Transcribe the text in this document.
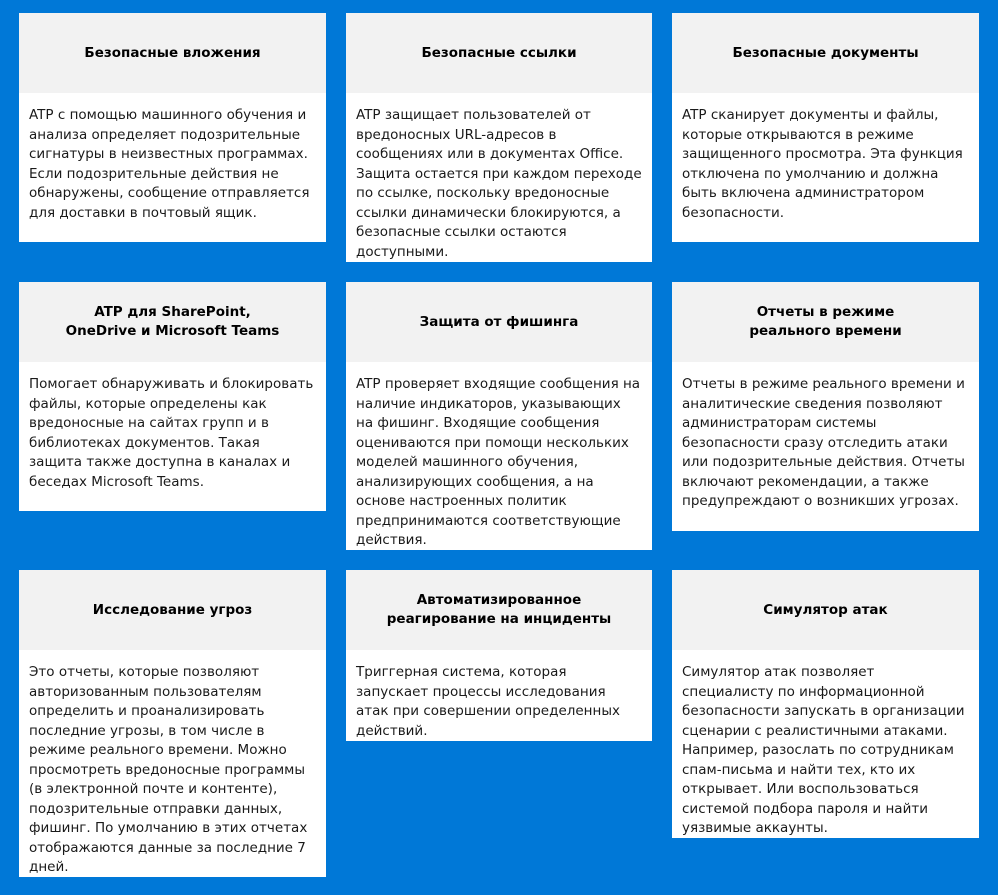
Безопасные вложения

ATP с помощью машинного обучения и анализа определяет подозрительные сигнатуры в неизвестных программах. Если подозрительные действия не обнаружены, сообщение отправляется для доставки в почтовый ящик.

Безопасные ссылки

ATP защищает пользователей от вредоносных URL-адресов в сообщениях или в документах Office. Защита остается при каждом переходе по ссылке, поскольку вредоносные ссылки динамически блокируются, а безопасные ссылки остаются доступными.

Безопасные документы

ATP сканирует документы и файлы, которые открываются в режиме защищенного просмотра. Эта функция отключена по умолчанию и должна быть включена администратором безопасности.

ATP для SharePoint,
OneDrive и Microsoft Teams

Помогает обнаруживать и блокировать файлы, которые определены как вредоносные на сайтах групп и в библиотеках документов. Такая защита также доступна в каналах и беседах Microsoft Teams.

Защита от фишинга

ATP проверяет входящие сообщения на наличие индикаторов, указывающих на фишинг. Входящие сообщения оцениваются при помощи нескольких моделей машинного обучения, анализирующих сообщения, а на основе настроенных политик предпринимаются соответствующие действия.

Отчеты в режиме
реального времени

Отчеты в режиме реального времени и аналитические сведения позволяют администраторам системы безопасности сразу отследить атаки или подозрительные действия. Отчеты включают рекомендации, а также предупреждают о возникших угрозах.

Исследование угроз

Это отчеты, которые позволяют авторизованным пользователям определить и проанализировать последние угрозы, в том числе в режиме реального времени. Можно просмотреть вредоносные программы (в электронной почте и контенте), подозрительные отправки данных, фишинг. По умолчанию в этих отчетах отображаются данные за последние 7 дней.

Автоматизированное
реагирование на инциденты

Триггерная система, которая запускает процессы исследования атак при совершении определенных действий.

Симулятор атак

Симулятор атак позволяет специалисту по информационной безопасности запускать в организации сценарии с реалистичными атаками. Например, разослать по сотрудникам спам-письма и найти тех, кто их открывает. Или воспользоваться системой подбора пароля и найти уязвимые аккаунты.
